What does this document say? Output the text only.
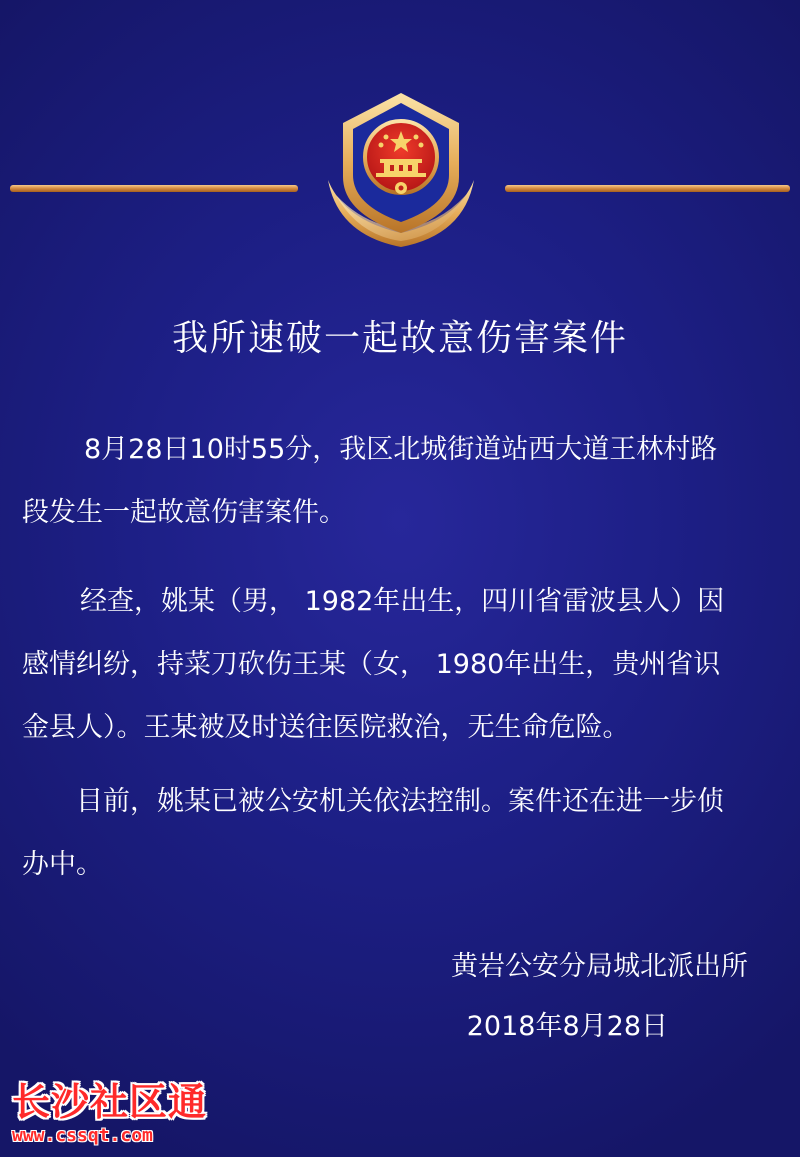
我所速破一起故意伤害案件
8月28日10时55分，我区北城街道站西大道王林村路
段发生一起故意伤害案件。
经查，姚某（男， 1982年出生，四川省雷波县人）因
感情纠纷，持菜刀砍伤王某（女， 1980年出生，贵州省识
金县人）。王某被及时送往医院救治，无生命危险。
目前，姚某已被公安机关依法控制。案件还在进一步侦
办中。
黄岩公安分局城北派出所
2018年8月28日
长沙社区通
www.cssqt.com
